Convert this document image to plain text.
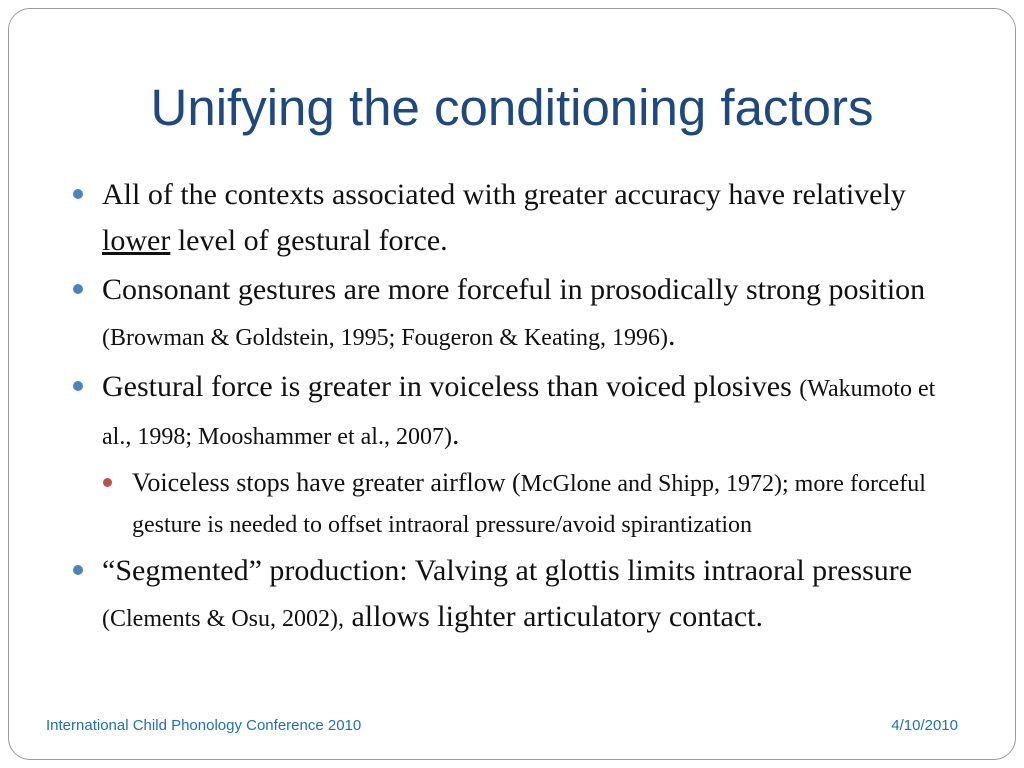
Unifying the conditioning factors
All of the contexts associated with greater accuracy have relatively lower level of gestural force.
Consonant gestures are more forceful in prosodically strong position (Browman & Goldstein, 1995; Fougeron & Keating, 1996).
Gestural force is greater in voiceless than voiced plosives (Wakumoto et al., 1998; Mooshammer et al., 2007).
Voiceless stops have greater airflow (McGlone and Shipp, 1972); more forceful gesture is needed to offset intraoral pressure/avoid spirantization
“Segmented” production: Valving at glottis limits intraoral pressure (Clements & Osu, 2002), allows lighter articulatory contact.
International Child Phonology Conference 2010	4/10/2010
